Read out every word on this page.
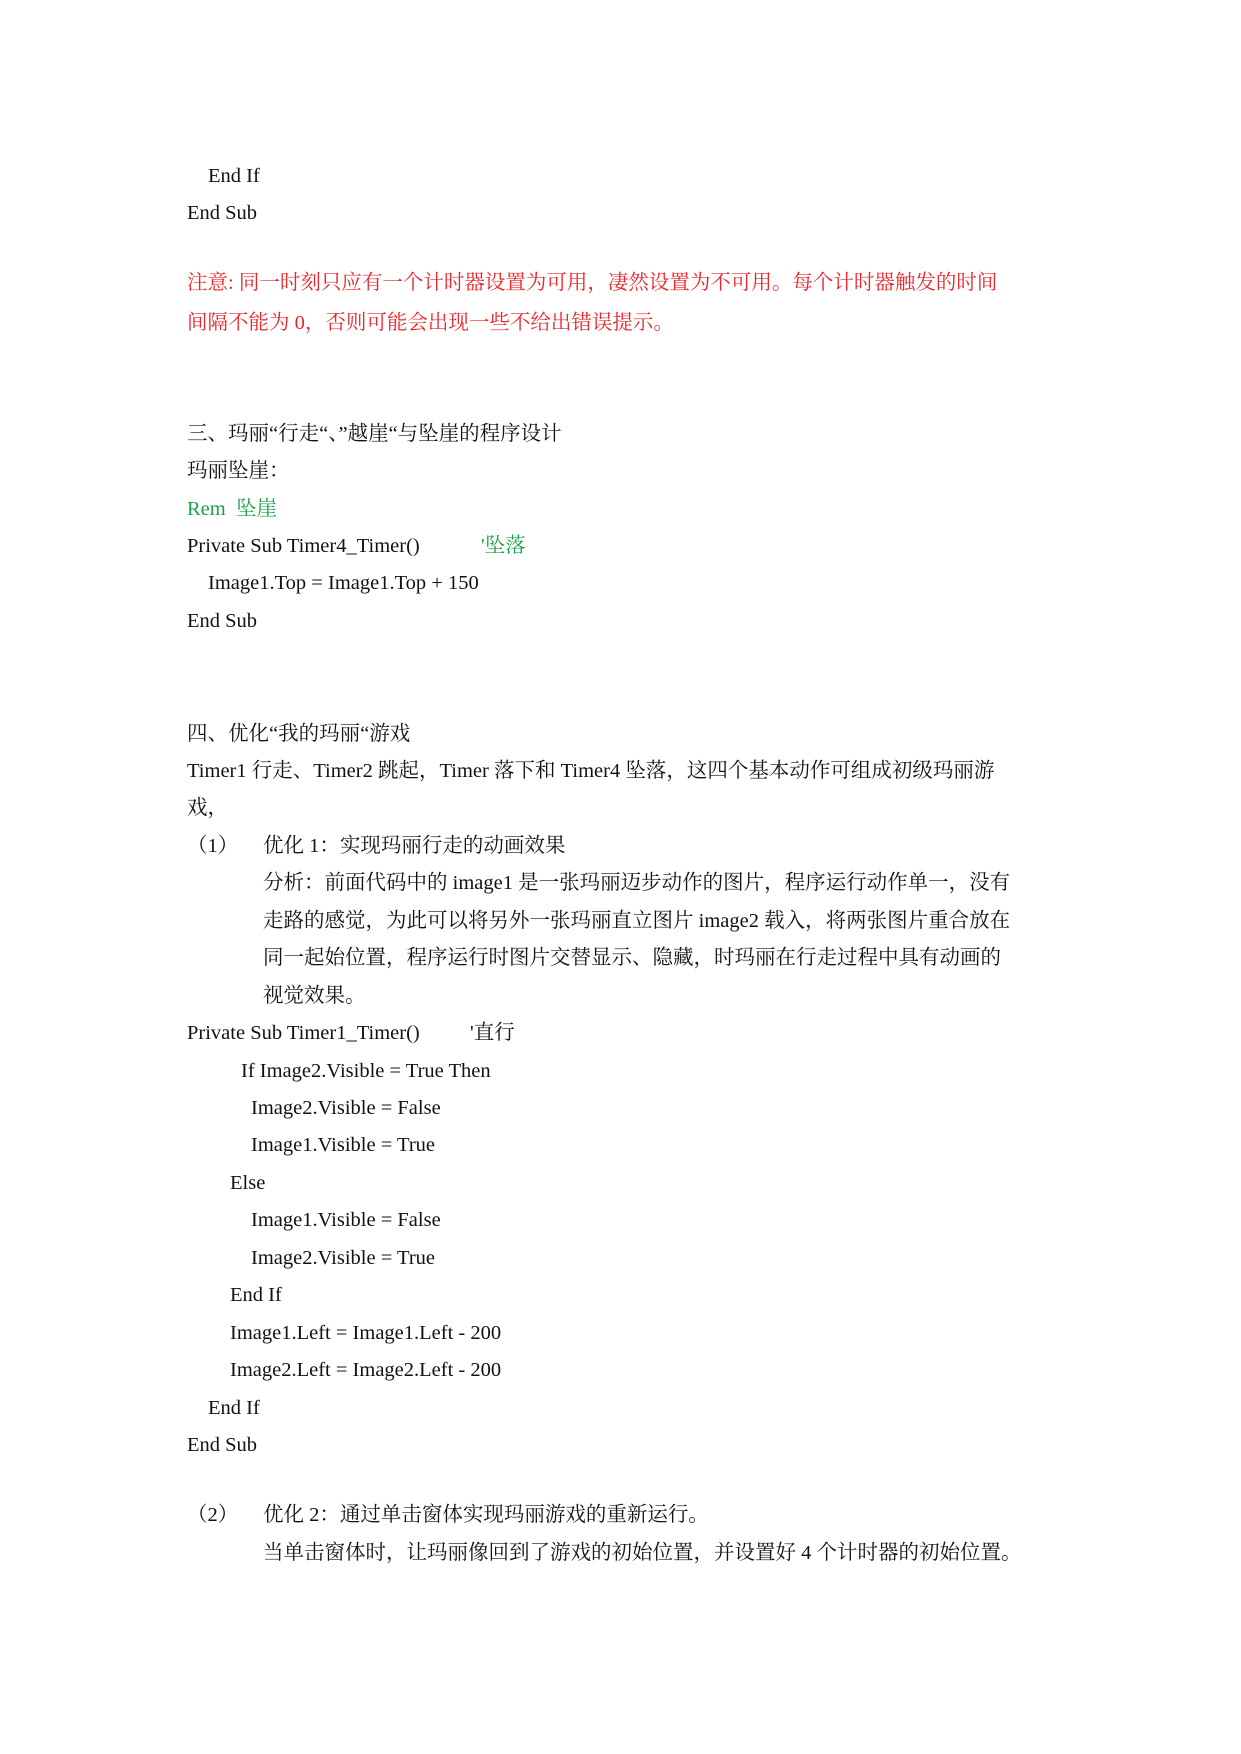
End If
End Sub
注意: 同一时刻只应有一个计时器设置为可用，凄然设置为不可用。每个计时器触发的时间
间隔不能为 0，否则可能会出现一些不给出错误提示。
三、玛丽“行走“、”越崖“与坠崖的程序设计
玛丽坠崖：
Rem  坠崖
Private Sub Timer4_Timer()	'坠落
Image1.Top = Image1.Top + 150
End Sub
四、优化“我的玛丽“游戏
Timer1 行走、Timer2 跳起，Timer 落下和 Timer4 坠落，这四个基本动作可组成初级玛丽游
戏，
（1） 优化 1：实现玛丽行走的动画效果
分析：前面代码中的 image1 是一张玛丽迈步动作的图片，程序运行动作单一，没有
走路的感觉，为此可以将另外一张玛丽直立图片 image2 载入，将两张图片重合放在
同一起始位置，程序运行时图片交替显示、隐藏，时玛丽在行走过程中具有动画的
视觉效果。
Private Sub Timer1_Timer() '直行
If Image2.Visible = True Then
Image2.Visible = False
Image1.Visible = True
Else
Image1.Visible = False
Image2.Visible = True
End If
Image1.Left = Image1.Left - 200
Image2.Left = Image2.Left - 200
End If
End Sub
（2） 优化 2：通过单击窗体实现玛丽游戏的重新运行。
当单击窗体时，让玛丽像回到了游戏的初始位置，并设置好 4 个计时器的初始位置。
